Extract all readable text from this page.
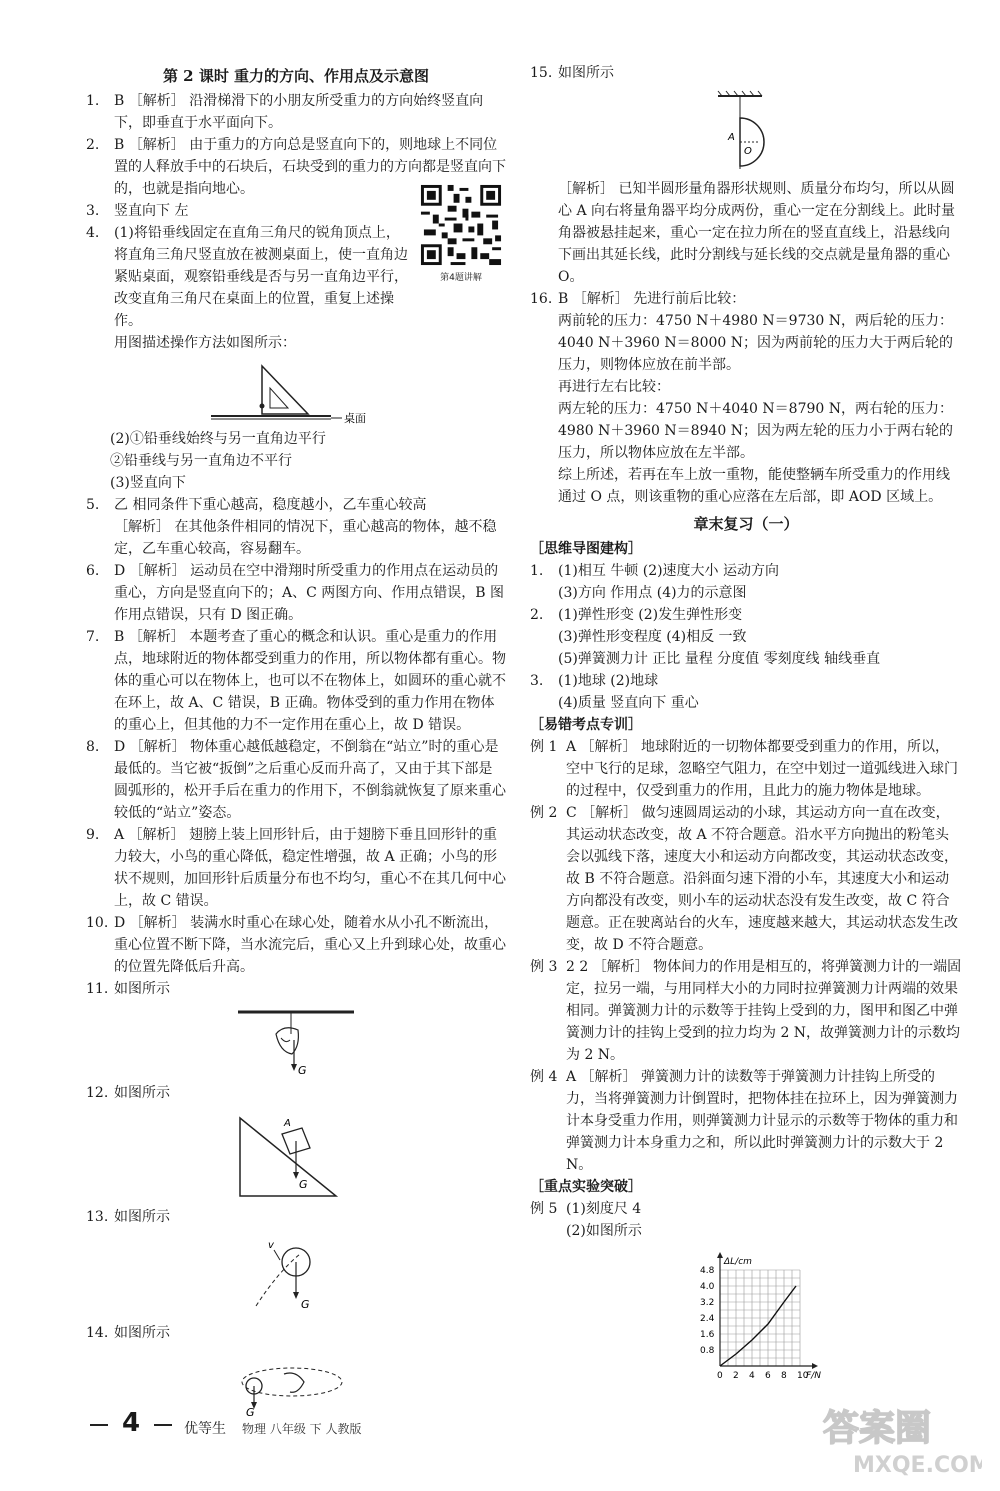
第 2 课时 重力的方向、作用点及示意图

1.	B ［解析］ 沿滑梯滑下的小朋友所受重力的方向始终竖直向下，即垂直于水平面向下。
2.	B ［解析］ 由于重力的方向总是竖直向下的，则地球上不同位置的人释放手中的石块后，石块受到的重力的方向都是竖直向下的，也就是指向地心。
3.	竖直向下 左
4.	(1)将铅垂线固定在直角三角尺的锐角顶点上，将直角三角尺竖直放在被测桌面上，使一直角边紧贴桌面，观察铅垂线是否与另一直角边平行，改变直角三角尺在桌面上的位置，重复上述操作。
用图描述操作方法如图所示：
桌面
(2)①铅垂线始终与另一直角边平行
②铅垂线与另一直角边不平行
(3)竖直向下
5.	乙 相同条件下重心越高，稳度越小，乙车重心较高
［解析］ 在其他条件相同的情况下，重心越高的物体，越不稳定，乙车重心较高，容易翻车。
6.	D ［解析］ 运动员在空中滑翔时所受重力的作用点在运动员的重心，方向是竖直向下的；A、C 两图方向、作用点错误，B 图作用点错误，只有 D 图正确。
7.	B ［解析］ 本题考查了重心的概念和认识。重心是重力的作用点，地球附近的物体都受到重力的作用，所以物体都有重心。物体的重心可以在物体上，也可以不在物体上，如圆环的重心就不在环上，故 A、C 错误，B 正确。物体受到的重力作用在物体的重心上，但其他的力不一定作用在重心上，故 D 错误。
8.	D ［解析］ 物体重心越低越稳定，不倒翁在“站立”时的重心是最低的。当它被“扳倒”之后重心反而升高了，又由于其下部是圆弧形的，松开手后在重力的作用下，不倒翁就恢复了原来重心较低的“站立”姿态。
9.	A ［解析］ 翅膀上装上回形针后，由于翅膀下垂且回形针的重力较大，小鸟的重心降低，稳定性增强，故 A 正确；小鸟的形状不规则，加回形针后质量分布也不均匀，重心不在其几何中心上，故 C 错误。
10. D ［解析］ 装满水时重心在球心处，随着水从小孔不断流出，重心位置不断下降，当水流完后，重心又上升到球心处，故重心的位置先降低后升高。
11. 如图所示
G
12. 如图所示
A
G
13. 如图所示
v
G
14. 如图所示
G
第4题讲解
15. 如图所示
A
O
［解析］ 已知半圆形量角器形状规则、质量分布均匀，所以从圆心 A 向右将量角器平均分成两份，重心一定在分割线上。此时量角器被悬挂起来，重心一定在拉力所在的竖直直线上，沿悬线向下画出其延长线，此时分割线与延长线的交点就是量角器的重心 O。
16. B ［解析］ 先进行前后比较：
两前轮的压力：4750 N＋4980 N＝9730 N，两后轮的压力：4040 N＋3960 N＝8000 N；因为两前轮的压力大于两后轮的压力，则物体应放在前半部。
再进行左右比较：
两左轮的压力：4750 N＋4040 N＝8790 N，两右轮的压力：4980 N＋3960 N＝8940 N；因为两左轮的压力小于两右轮的压力，所以物体应放在左半部。
综上所述，若再在车上放一重物，能使整辆车所受重力的作用线通过 O 点，则该重物的重心应落在左后部，即 AOD 区域上。

章末复习（一）

［思维导图建构］

1. (1)相互 牛顿 (2)速度大小 运动方向
(3)方向 作用点 (4)力的示意图
2. (1)弹性形变 (2)发生弹性形变
(3)弹性形变程度 (4)相反 一致
(5)弹簧测力计 正比 量程 分度值 零刻度线 轴线垂直
3. (1)地球 (2)地球
(4)质量 竖直向下 重心

［易错考点专训］

例 1 A ［解析］ 地球附近的一切物体都要受到重力的作用，所以，空中飞行的足球，忽略空气阻力，在空中划过一道弧线进入球门的过程中，仅受到重力的作用，且此力的施力物体是地球。
例 2 C ［解析］ 做匀速圆周运动的小球，其运动方向一直在改变，其运动状态改变，故 A 不符合题意。沿水平方向抛出的粉笔头会以弧线下落，速度大小和运动方向都改变，其运动状态改变，故 B 不符合题意。沿斜面匀速下滑的小车，其速度大小和运动方向都没有改变，则小车的运动状态没有发生改变，故 C 符合题意。正在驶离站台的火车，速度越来越大，其运动状态发生改变，故 D 不符合题意。
例 3 2 2 ［解析］ 物体间力的作用是相互的，将弹簧测力计的一端固定，拉另一端，与用同样大小的力同时拉弹簧测力计两端的效果相同。弹簧测力计的示数等于挂钩上受到的力，图甲和图乙中弹簧测力计的挂钩上受到的拉力均为 2 N，故弹簧测力计的示数均为 2 N。
例 4 A ［解析］ 弹簧测力计的读数等于弹簧测力计挂钩上所受的力，当将弹簧测力计倒置时，把物体挂在拉环上，因为弹簧测力计本身受重力作用，则弹簧测力计显示的示数等于物体的重力和弹簧测力计本身重力之和，所以此时弹簧测力计的示数大于 2 N。

［重点实验突破］

例 5 (1)刻度尺 4
(2)如图所示
0 2 4 6 8 10
0.8
1.6
2.4
3.2
4.0
4.8
F/N
ΔL/cm
4	优等生 物理 八年级 下 人教版	答案圈
MXQE.COM
